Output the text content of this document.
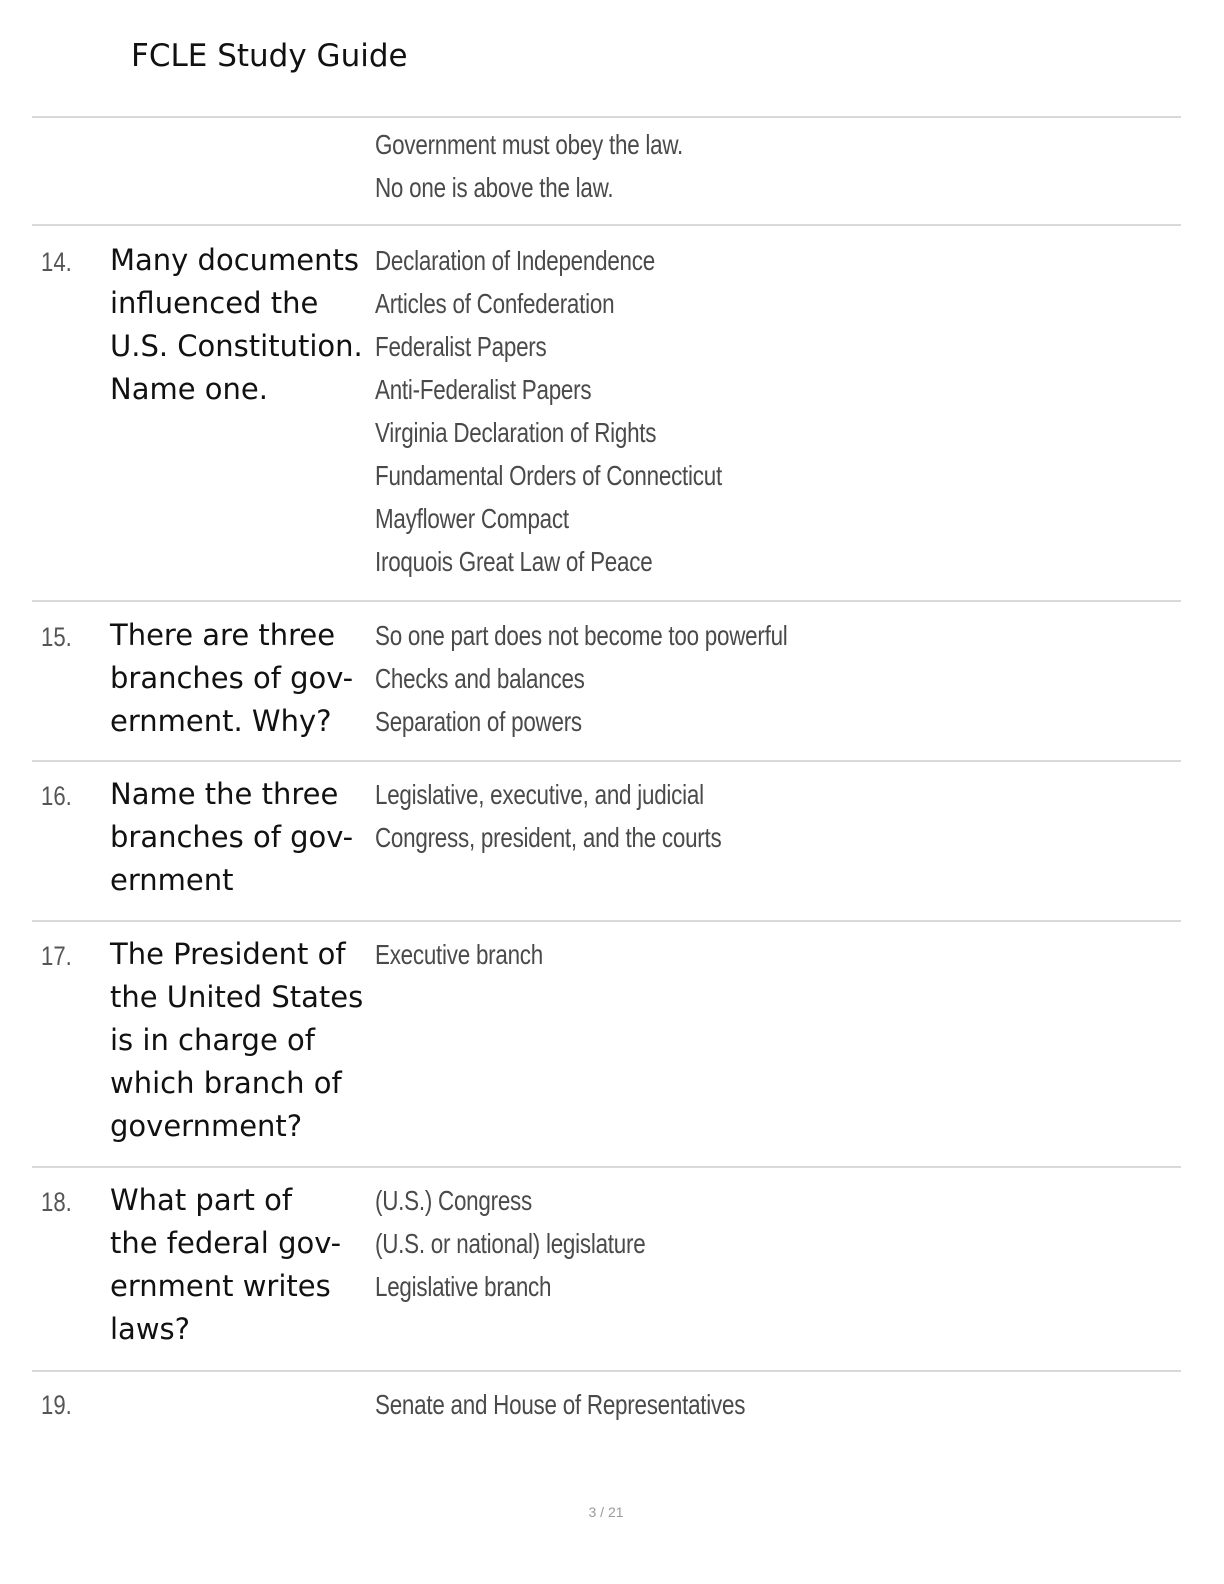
FCLE Study Guide
Government must obey the law.
No one is above the law.
14. Many documents
influenced the
U.S. Constitution.
Name one.
Declaration of Independence
Articles of Confederation
Federalist Papers
Anti-Federalist Papers
Virginia Declaration of Rights
Fundamental Orders of Connecticut
Mayflower Compact
Iroquois Great Law of Peace
15. There are three
branches of gov-
ernment. Why?
So one part does not become too powerful
Checks and balances
Separation of powers
16. Name the three
branches of gov-
ernment
Legislative, executive, and judicial
Congress, president, and the courts
17. The President of
the United States
is in charge of
which branch of
government?
Executive branch
18. What part of
the federal gov-
ernment writes
laws?
(U.S.) Congress
(U.S. or national) legislature
Legislative branch
19.	Senate and House of Representatives
3 / 21
